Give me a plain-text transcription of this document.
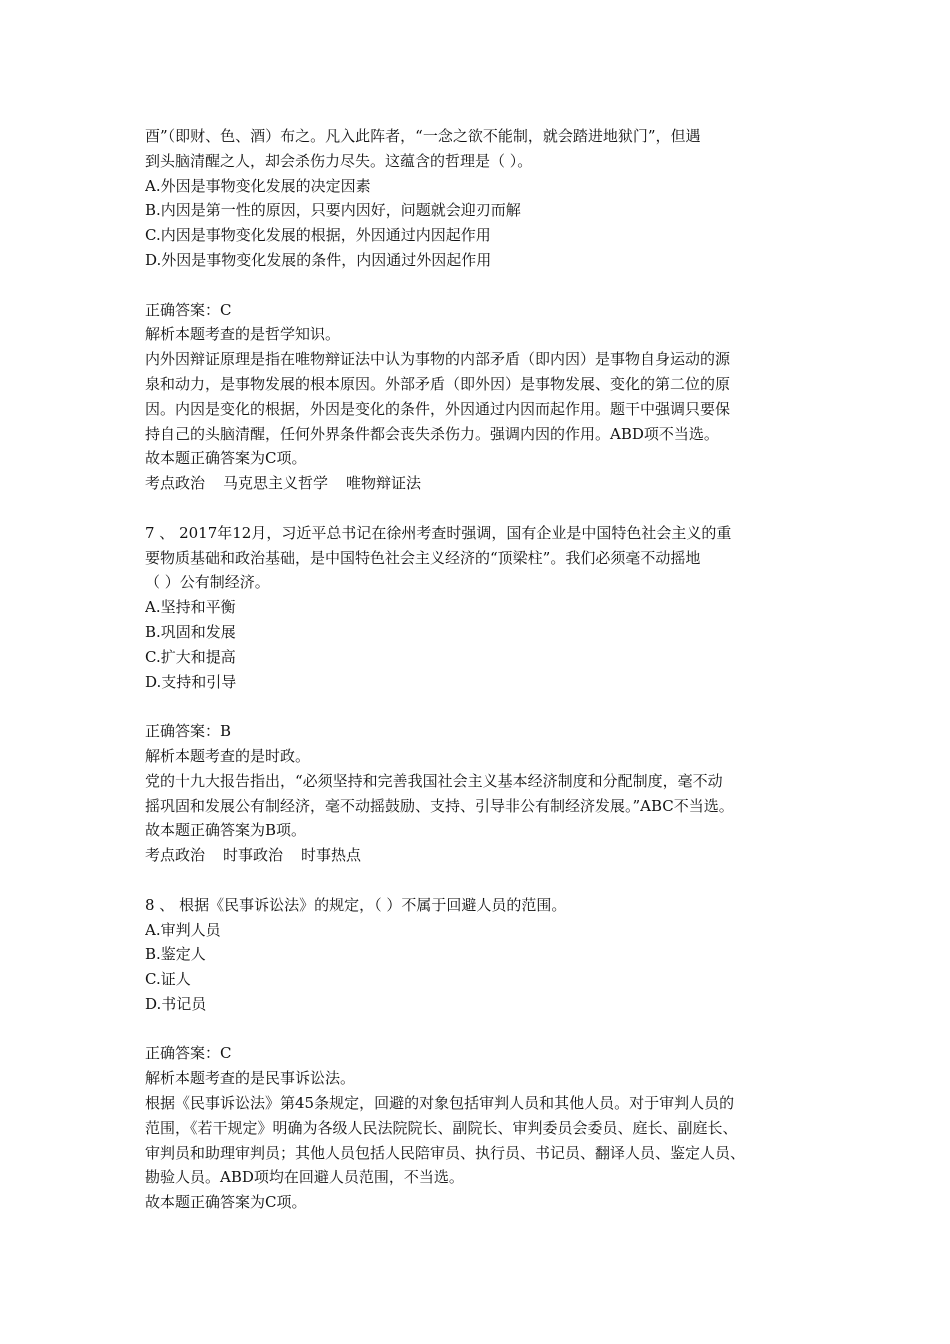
酉”（即财、色、酒）布之。凡入此阵者，“一念之欲不能制，就会踏进地狱门”，但遇
到头脑清醒之人，却会杀伤力尽失。这蕴含的哲理是（ ）。
A.外因是事物变化发展的决定因素
B.内因是第一性的原因，只要内因好，问题就会迎刃而解
C.内因是事物变化发展的根据，外因通过内因起作用
D.外因是事物变化发展的条件，内因通过外因起作用
正确答案：C
解析本题考查的是哲学知识。
内外因辩证原理是指在唯物辩证法中认为事物的内部矛盾（即内因）是事物自身运动的源
泉和动力，是事物发展的根本原因。外部矛盾（即外因）是事物发展、变化的第二位的原
因。内因是变化的根据，外因是变化的条件，外因通过内因而起作用。题干中强调只要保
持自己的头脑清醒，任何外界条件都会丧失杀伤力。强调内因的作用。ABD项不当选。
故本题正确答案为C项。
考点政治 马克思主义哲学 唯物辩证法
7 、 2017年12月，习近平总书记在徐州考查时强调，国有企业是中国特色社会主义的重
要物质基础和政治基础，是中国特色社会主义经济的“顶梁柱”。我们必须毫不动摇地
（ ）公有制经济。
A.坚持和平衡
B.巩固和发展
C.扩大和提高
D.支持和引导
正确答案：B
解析本题考查的是时政。
党的十九大报告指出，“必须坚持和完善我国社会主义基本经济制度和分配制度，毫不动
摇巩固和发展公有制经济，毫不动摇鼓励、支持、引导非公有制经济发展。”ABC不当选。
故本题正确答案为B项。
考点政治 时事政治 时事热点
8 、 根据《民事诉讼法》的规定，（ ）不属于回避人员的范围。
A.审判人员
B.鉴定人
C.证人
D.书记员
正确答案：C
解析本题考查的是民事诉讼法。
根据《民事诉讼法》第45条规定，回避的对象包括审判人员和其他人员。对于审判人员的
范围，《若干规定》明确为各级人民法院院长、副院长、审判委员会委员、庭长、副庭长、
审判员和助理审判员；其他人员包括人民陪审员、执行员、书记员、翻译人员、鉴定人员、
勘验人员。ABD项均在回避人员范围，不当选。
故本题正确答案为C项。
